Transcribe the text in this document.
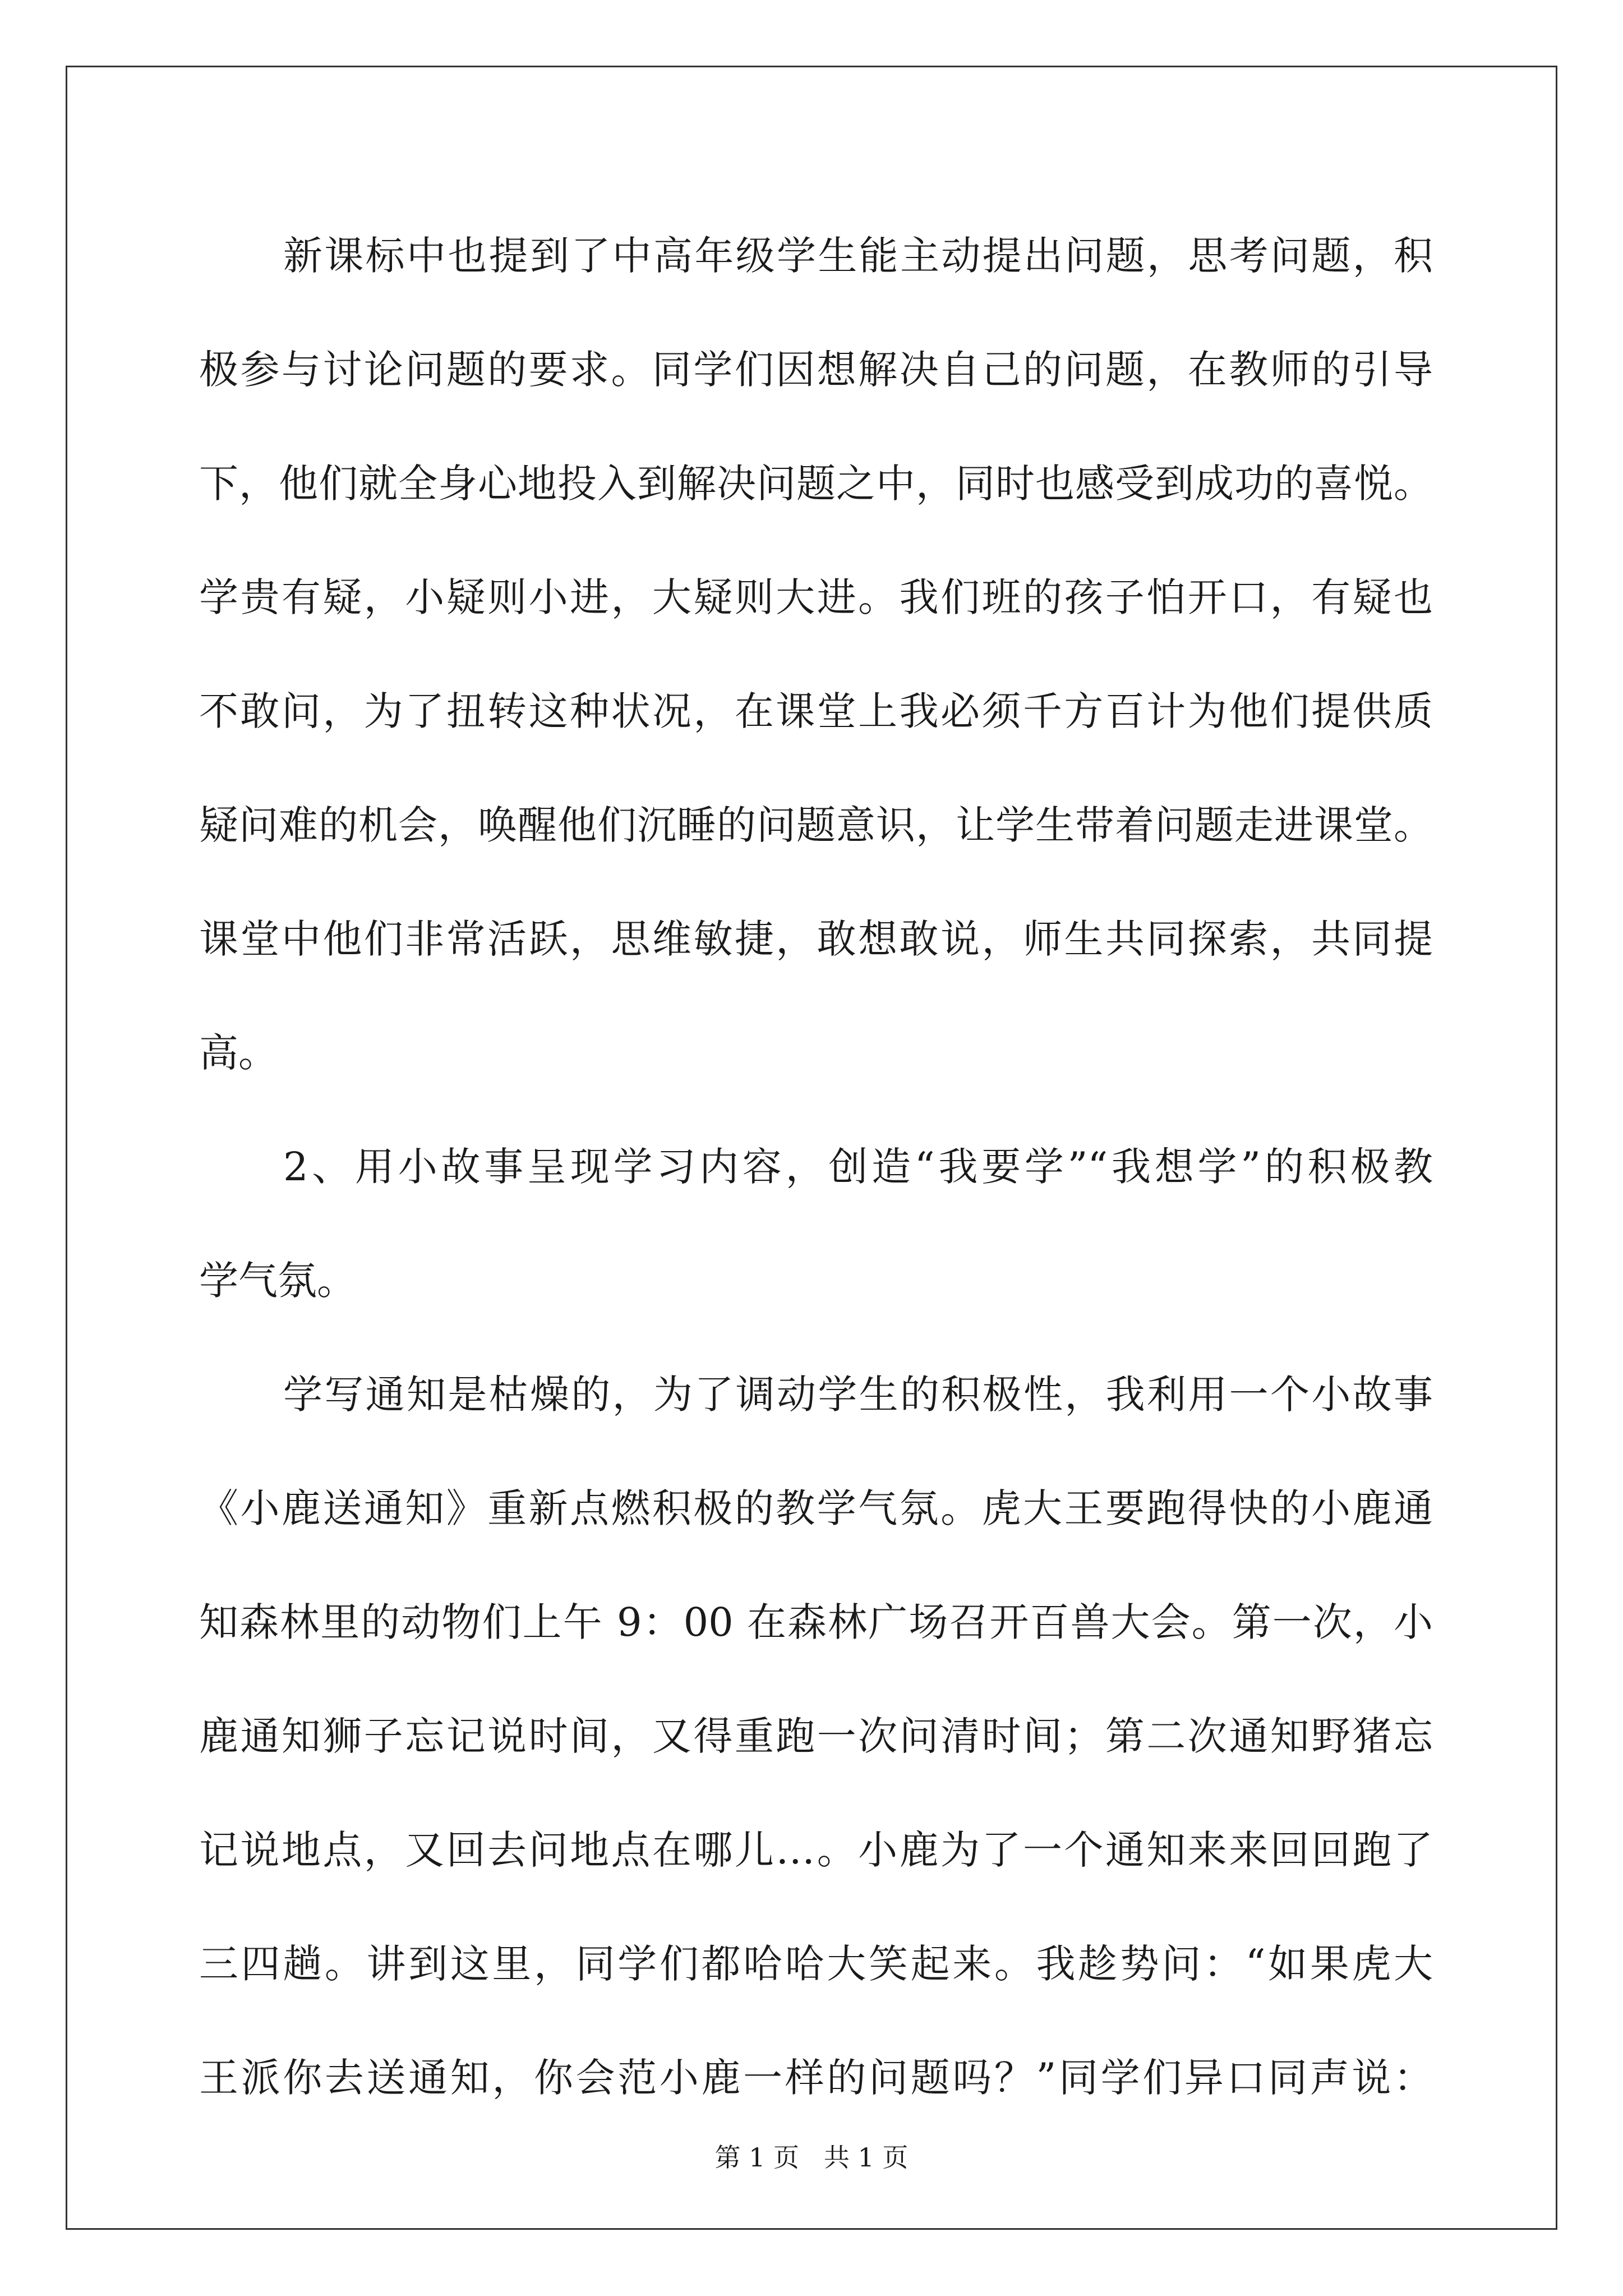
新课标中也提到了中高年级学生能主动提出问题，思考问题，积
极参与讨论问题的要求。同学们因想解决自己的问题，在教师的引导
下，他们就全身心地投入到解决问题之中，同时也感受到成功的喜悦。
学贵有疑，小疑则小进，大疑则大进。我们班的孩子怕开口，有疑也
不敢问，为了扭转这种状况，在课堂上我必须千方百计为他们提供质
疑问难的机会，唤醒他们沉睡的问题意识，让学生带着问题走进课堂。
课堂中他们非常活跃，思维敏捷，敢想敢说，师生共同探索，共同提
高。
2、用小故事呈现学习内容，创造“我要学”“我想学”的积极教
学气氛。
学写通知是枯燥的，为了调动学生的积极性，我利用一个小故事
《小鹿送通知》重新点燃积极的教学气氛。虎大王要跑得快的小鹿通
知森林里的动物们上午 9：00 在森林广场召开百兽大会。第一次，小
鹿通知狮子忘记说时间，又得重跑一次问清时间；第二次通知野猪忘
记说地点，又回去问地点在哪儿…。小鹿为了一个通知来来回回跑了
三四趟。讲到这里，同学们都哈哈大笑起来。我趁势问：“如果虎大
王派你去送通知，你会范小鹿一样的问题吗？”同学们异口同声说：
第 1 页   共 1 页
